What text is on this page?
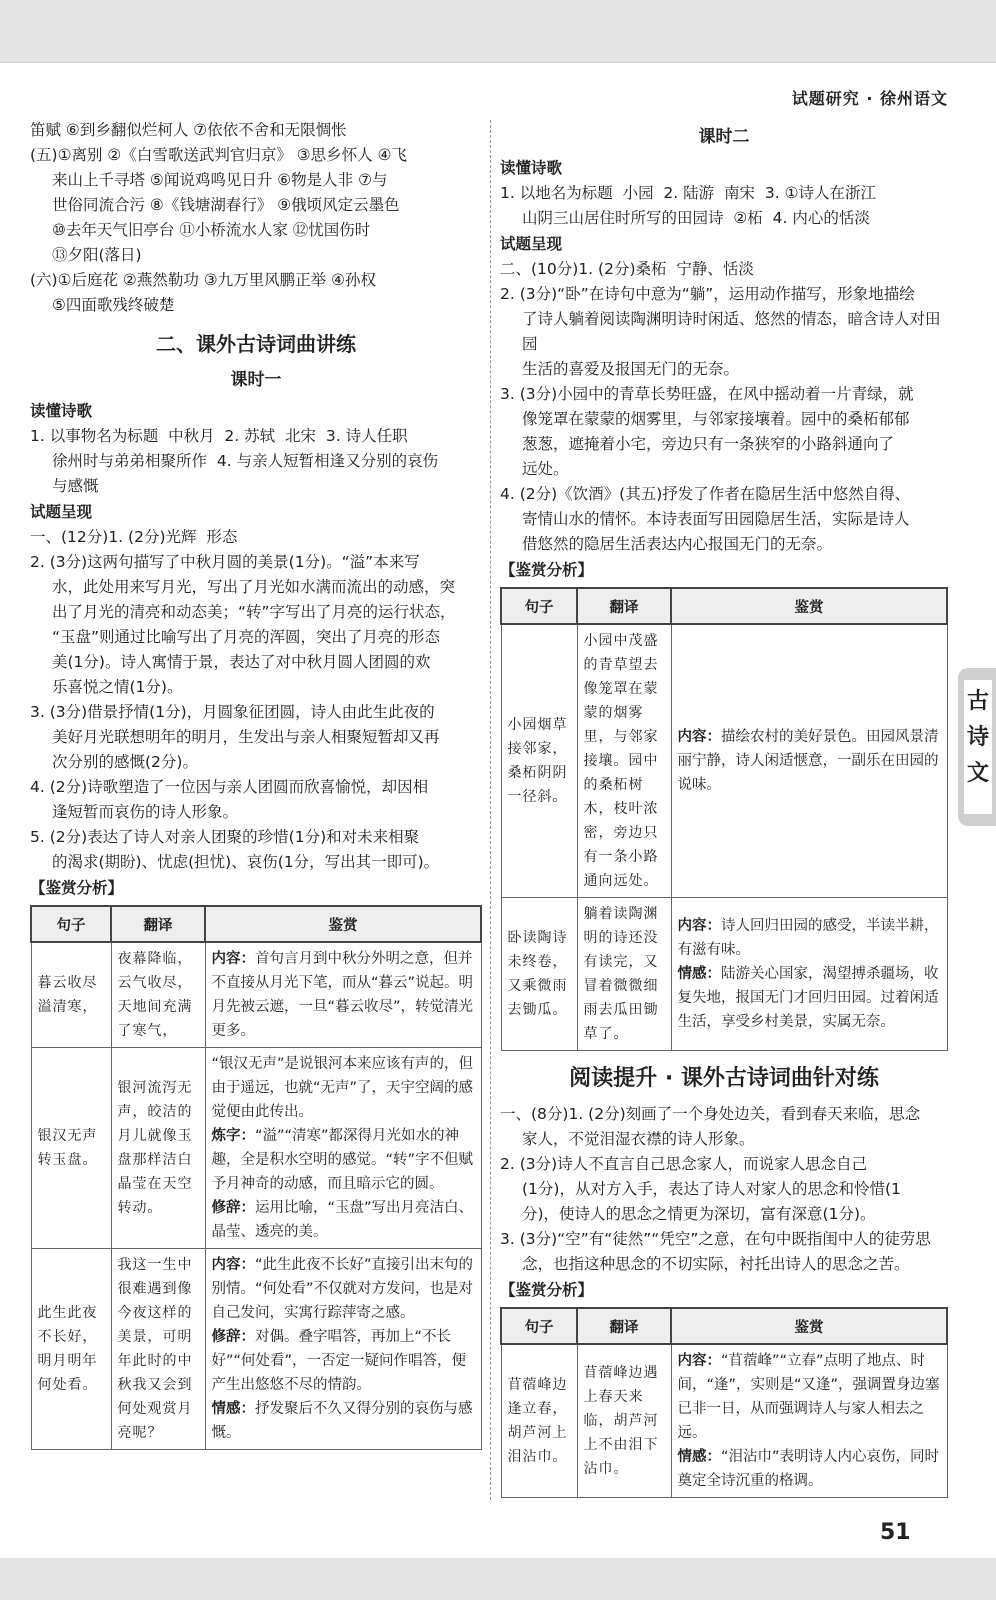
试题研究 · 徐州语文
笛赋 ⑥到乡翻似烂柯人 ⑦依依不舍和无限惆怅
(五)①离别 ②《白雪歌送武判官归京》 ③思乡怀人 ④飞
来山上千寻塔 ⑤闻说鸡鸣见日升 ⑥物是人非 ⑦与
世俗同流合污 ⑧《钱塘湖春行》 ⑨俄顷风定云墨色
⑩去年天气旧亭台 ⑪小桥流水人家 ⑫忧国伤时
⑬夕阳(落日)
(六)①后庭花 ②燕然勒功 ③九万里风鹏正举 ④孙权
⑤四面歌残终破楚
二、课外古诗词曲讲练
课时一
读懂诗歌
1. 以事物名为标题  中秋月  2. 苏轼  北宋  3. 诗人任职
徐州时与弟弟相聚所作  4. 与亲人短暂相逢又分别的哀伤
与感慨
试题呈现
一、(12分)1. (2分)光辉  形态
2. (3分)这两句描写了中秋月圆的美景(1分)。“溢”本来写
水，此处用来写月光，写出了月光如水满而流出的动感，突
出了月光的清亮和动态美；“转”字写出了月亮的运行状态，
“玉盘”则通过比喻写出了月亮的浑圆，突出了月亮的形态
美(1分)。诗人寓情于景，表达了对中秋月圆人团圆的欢
乐喜悦之情(1分)。
3. (3分)借景抒情(1分)，月圆象征团圆，诗人由此生此夜的
美好月光联想明年的明月，生发出与亲人相聚短暂却又再
次分别的感慨(2分)。
4. (2分)诗歌塑造了一位因与亲人团圆而欣喜愉悦，却因相
逢短暂而哀伤的诗人形象。
5. (2分)表达了诗人对亲人团聚的珍惜(1分)和对未来相聚
的渴求(期盼)、忧虑(担忧)、哀伤(1分，写出其一即可)。
【鉴赏分析】
句子	翻译	鉴赏
暮云收尽溢清寒，	夜幕降临，云气收尽，天地间充满了寒气，	内容：首句言月到中秋分外明之意，但并不直接从月光下笔，而从“暮云”说起。明月先被云遮，一旦“暮云收尽”，转觉清光更多。

银汉无声转玉盘。	银河流泻无声，皎洁的月儿就像玉盘那样洁白晶莹在天空转动。	“银汉无声”是说银河本来应该有声的，但由于遥远，也就“无声”了，天宇空阔的感觉便由此传出。
炼字：“溢”“清寒”都深得月光如水的神趣，全是积水空明的感觉。“转”字不但赋予月神奇的动感，而且暗示它的圆。
修辞：运用比喻，“玉盘”写出月亮洁白、晶莹、透亮的美。

此生此夜不长好，明月明年何处看。	我这一生中很难遇到像今夜这样的美景，可明年此时的中秋我又会到何处观赏月亮呢？	内容：“此生此夜不长好”直接引出末句的别情。“何处看”不仅就对方发问，也是对自己发问，实寓行踪萍寄之感。
修辞：对偶。叠字唱答，再加上“不长好”“何处看”，一否定一疑问作唱答，便产生出悠悠不尽的情韵。
情感：抒发聚后不久又得分别的哀伤与感慨。
课时二
读懂诗歌
1. 以地名为标题  小园  2. 陆游  南宋  3. ①诗人在浙江
山阴三山居住时所写的田园诗  ②柘  4. 内心的恬淡
试题呈现
二、(10分)1. (2分)桑柘  宁静、恬淡
2. (3分)“卧”在诗句中意为“躺”，运用动作描写，形象地描绘
了诗人躺着阅读陶渊明诗时闲适、悠然的情态，暗含诗人对田园
生活的喜爱及报国无门的无奈。
3. (3分)小园中的青草长势旺盛，在风中摇动着一片青绿，就
像笼罩在蒙蒙的烟雾里，与邻家接壤着。园中的桑柘郁郁
葱葱，遮掩着小宅，旁边只有一条狭窄的小路斜通向了
远处。
4. (2分)《饮酒》(其五)抒发了作者在隐居生活中悠然自得、
寄情山水的情怀。本诗表面写田园隐居生活，实际是诗人
借悠然的隐居生活表达内心报国无门的无奈。
【鉴赏分析】
句子	翻译	鉴赏
小园烟草接邻家，桑柘阴阴一径斜。	小园中茂盛的青草望去像笼罩在蒙蒙的烟雾里，与邻家接壤。园中的桑柘树木，枝叶浓密，旁边只有一条小路通向远处。	内容：描绘农村的美好景色。田园风景清丽宁静，诗人闲适惬意，一副乐在田园的说味。

卧读陶诗未终卷，又乘微雨去锄瓜。	躺着读陶渊明的诗还没有读完，又冒着微微细雨去瓜田锄草了。	内容：诗人回归田园的感受，半读半耕，有滋有味。
情感：陆游关心国家，渴望搏杀疆场，收复失地，报国无门才回归田园。过着闲适生活，享受乡村美景，实属无奈。
阅读提升 · 课外古诗词曲针对练
一、(8分)1. (2分)刻画了一个身处边关，看到春天来临，思念
家人，不觉泪湿衣襟的诗人形象。
2. (3分)诗人不直言自己思念家人，而说家人思念自己
(1分)，从对方入手，表达了诗人对家人的思念和怜惜(1
分)，使诗人的思念之情更为深切，富有深意(1分)。
3. (3分)“空”有“徒然”“凭空”之意，在句中既指闺中人的徒劳思
念，也指这种思念的不切实际，衬托出诗人的思念之苦。
【鉴赏分析】
句子	翻译	鉴赏
苜蓿峰边逢立春，胡芦河上泪沾巾。	苜蓿峰边遇上春天来临，胡芦河上不由泪下沾巾。	内容：“苜蓿峰”“立春”点明了地点、时间，“逢”，实则是“又逢”，强调置身边塞已非一日，从而强调诗人与家人相去之远。
情感：“泪沾巾”表明诗人内心哀伤，同时奠定全诗沉重的格调。
古
诗
文
51
